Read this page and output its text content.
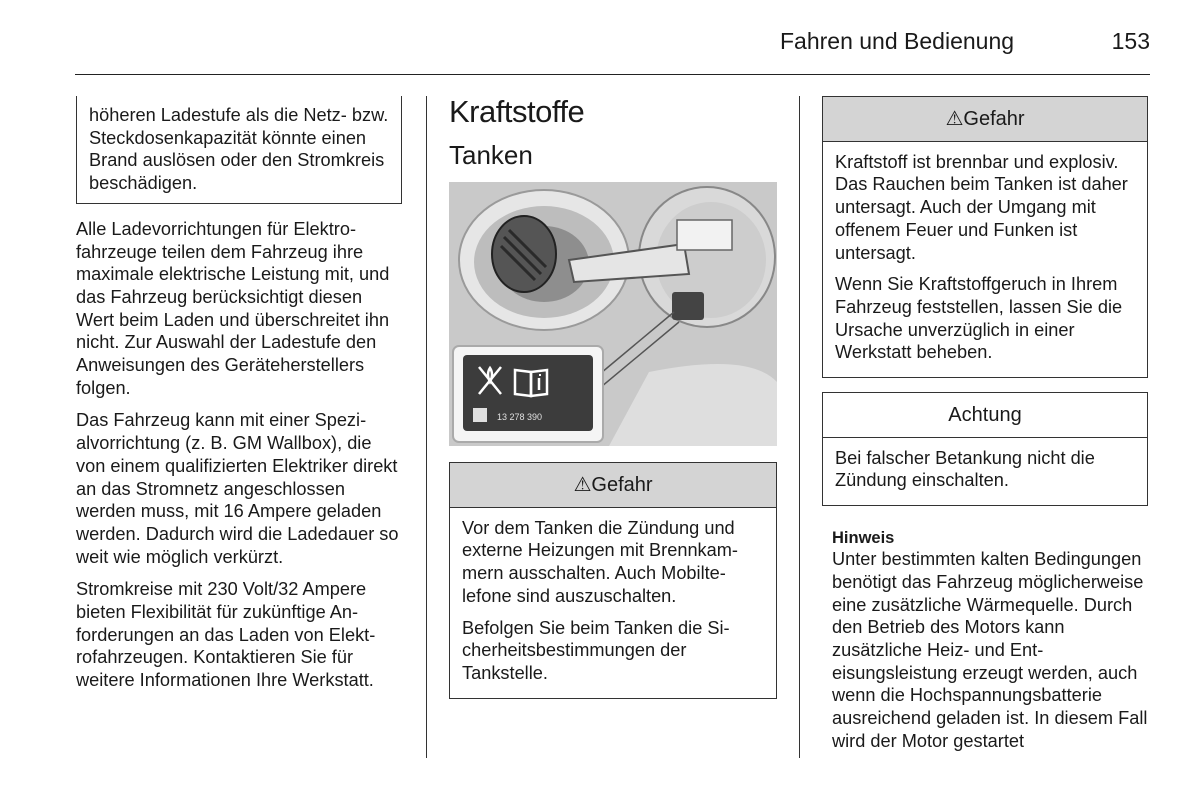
Fahren und Bedienung	153
höheren Ladestufe als die Netz- bzw. Steckdosenkapazität könnte einen Brand auslösen oder den Stromkreis beschädigen.

Alle Ladevorrichtungen für Elektrofahrzeuge teilen dem Fahrzeug ihre maximale elektrische Leistung mit, und das Fahrzeug berücksichtigt diesen Wert beim Laden und überschreitet ihn nicht. Zur Auswahl der Ladestufe den Anweisungen des Geräteherstellers folgen.

Das Fahrzeug kann mit einer Spezialvorrichtung (z. B. GM Wallbox), die von einem qualifizierten Elektriker direkt an das Stromnetz angeschlossen werden muss, mit 16 Ampere geladen werden. Dadurch wird die Ladedauer so weit wie möglich verkürzt.

Stromkreise mit 230 Volt/32 Ampere bieten Flexibilität für zukünftige Anforderungen an das Laden von Elektrofahrzeugen. Kontaktieren Sie für weitere Informationen Ihre Werkstatt.

Kraftstoffe
Tanken
13 278 390
⚠Gefahr

Vor dem Tanken die Zündung und externe Heizungen mit Brennkammern ausschalten. Auch Mobiltelefone sind auszuschalten.

Befolgen Sie beim Tanken die Sicherheitsbestimmungen der Tankstelle.

⚠Gefahr

Kraftstoff ist brennbar und explosiv. Das Rauchen beim Tanken ist daher untersagt. Auch der Umgang mit offenem Feuer und Funken ist untersagt.

Wenn Sie Kraftstoffgeruch in Ihrem Fahrzeug feststellen, lassen Sie die Ursache unverzüglich in einer Werkstatt beheben.

Achtung

Bei falscher Betankung nicht die Zündung einschalten.

Hinweis
Unter bestimmten kalten Bedingungen benötigt das Fahrzeug möglicherweise eine zusätzliche Wärmequelle. Durch den Betrieb des Motors kann zusätzliche Heiz- und Enteisungsleistung erzeugt werden, auch wenn die Hochspannungsbatterie ausreichend geladen ist. In diesem Fall wird der Motor gestartet
